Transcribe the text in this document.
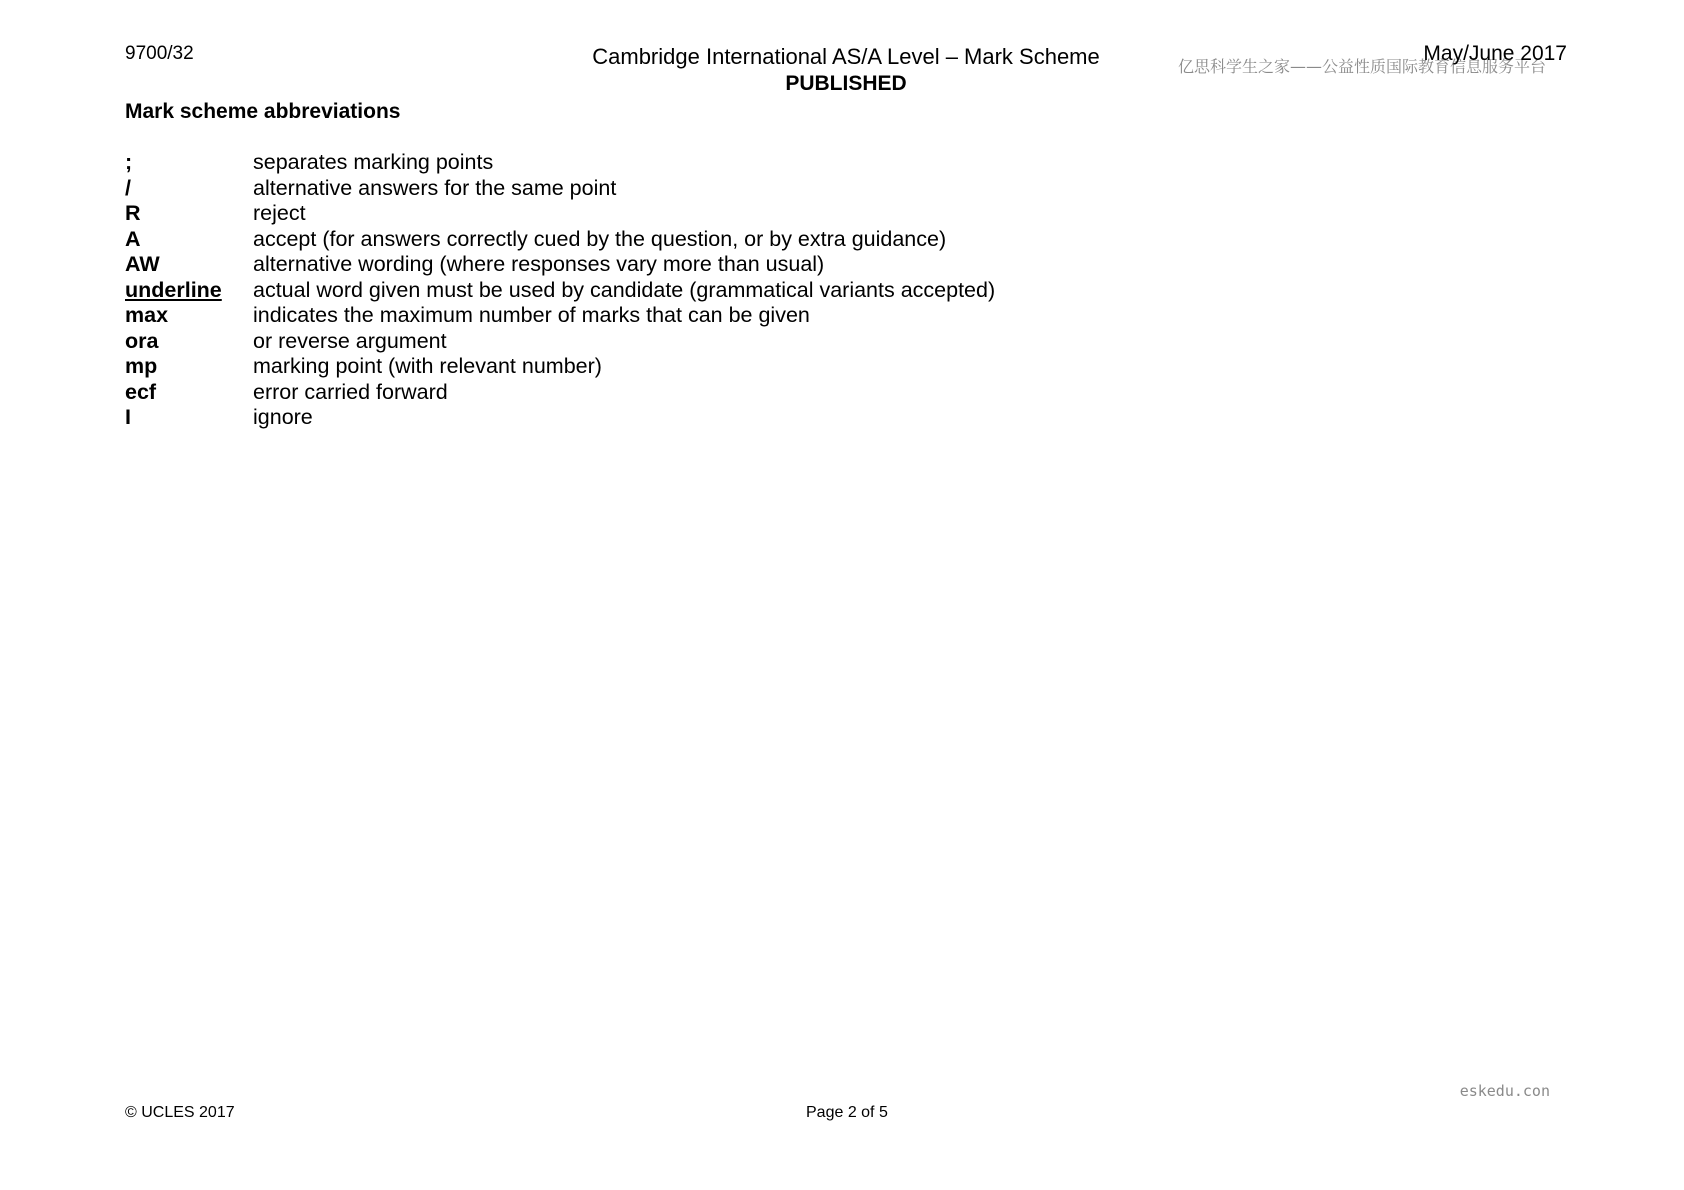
9700/32	Cambridge International AS/A Level – Mark Scheme
PUBLISHED
亿思科学生之家——公益性质国际教育信息服务平台
May/June 2017
Mark scheme abbreviations
;	separates marking points
/	alternative answers for the same point
R	reject
A	accept (for answers correctly cued by the question, or by extra guidance)
AW	alternative wording (where responses vary more than usual)
underline	actual word given must be used by candidate (grammatical variants accepted)
max	indicates the maximum number of marks that can be given
ora	or reverse argument
mp	marking point (with relevant number)
ecf	error carried forward
I	ignore
eskedu.con
© UCLES 2017	Page 2 of 5
